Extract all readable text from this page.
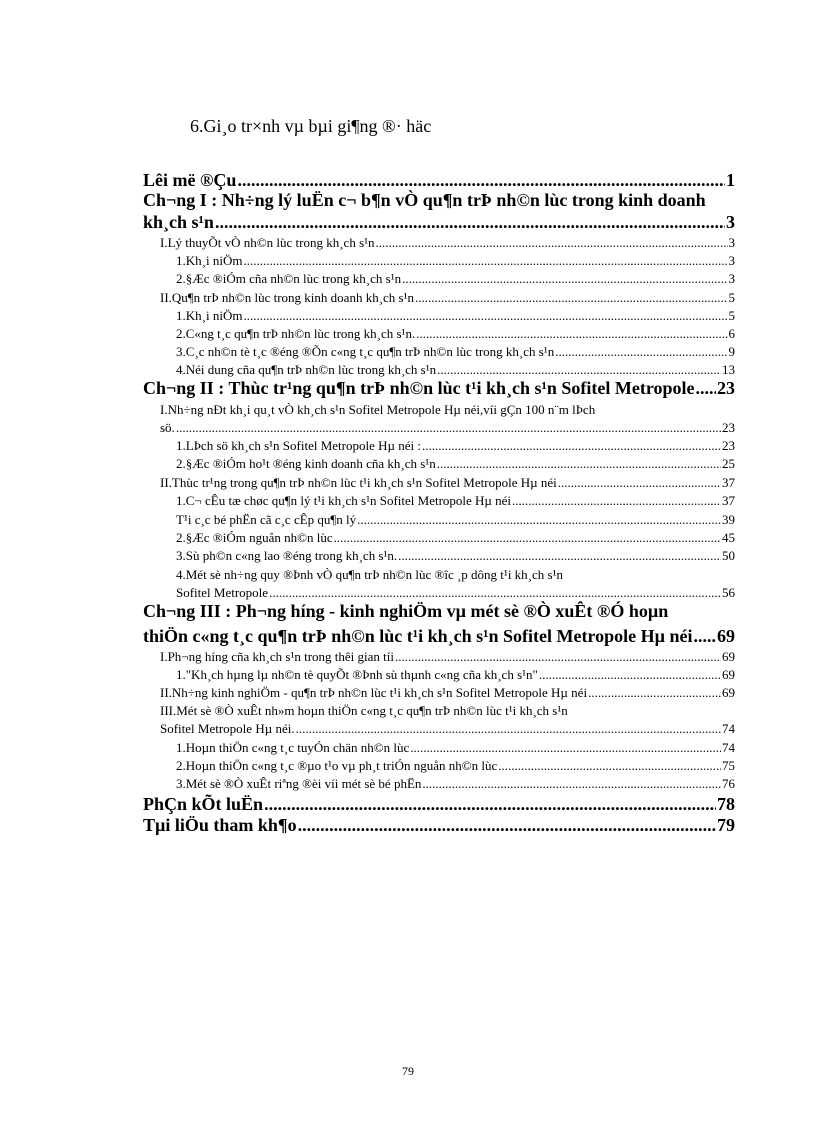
6.Gi¸o tr×nh vµ bµi gi¶ng ®· häc
Lêi më ®Çu .....	1
Ch¬ng I : Nh÷ng lý luËn c¬ b¶n vÒ qu¶n trÞ nh©n lùc trong kinh doanh
kh¸ch s¹n .....	3
I.Lý thuyÕt vÒ nh©n lùc trong kh¸ch s¹n .....	3
1.Kh¸i niÖm .....	3
2.§Æc ®iÓm cña nh©n lùc trong kh¸ch s¹n .....	3
II.Qu¶n trÞ nh©n lùc trong kinh doanh kh¸ch s¹n .....	5
1.Kh¸i niÖm .....	5
2.C«ng t¸c qu¶n trÞ nh©n lùc trong kh¸ch s¹n. .....	6
3.C¸c nh©n tè t¸c ®éng ®Õn c«ng t¸c qu¶n trÞ nh©n lùc trong kh¸ch s¹n .....	9
4.Néi dung cña qu¶n trÞ nh©n lùc trong kh¸ch s¹n .....	13
Ch¬ng II : Thùc tr¹ng qu¶n trÞ nh©n lùc t¹i kh¸ch s¹n Sofitel Metropole ..... 23
I.Nh÷ng nÐt kh¸i qu¸t vÒ kh¸ch s¹n Sofitel Metropole Hµ néi,víi gÇn 100 n¨m lÞch
sö. .....	23
1.LÞch sö kh¸ch s¹n Sofitel Metropole Hµ néi : .....	23
2.§Æc ®iÓm ho¹t ®éng kinh doanh cña kh¸ch s¹n .....	25
II.Thùc tr¹ng trong qu¶n trÞ nh©n lùc t¹i kh¸ch s¹n Sofitel Metropole Hµ néi .....	37
1.C¬ cÊu tæ chøc qu¶n lý t¹i kh¸ch s¹n Sofitel Metropole Hµ néi .....	37
T¹i c¸c bé phËn cã c¸c cÊp qu¶n lý .....	39
2.§Æc ®iÓm nguån nh©n lùc .....	45
3.Sù ph©n c«ng lao ®éng trong kh¸ch s¹n. .....	50
4.Mét sè nh÷ng quy ®Þnh vÒ qu¶n trÞ nh©n lùc ®îc ¸p dông t¹i kh¸ch s¹n
Sofitel Metropole .....	56
Ch¬ng III : Ph¬ng híng - kinh nghiÖm vµ mét sè ®Ò xuÊt ®Ó hoµn
thiÖn c«ng t¸c qu¶n trÞ nh©n lùc t¹i kh¸ch s¹n Sofitel Metropole Hµ néi ..... 69
I.Ph¬ng híng cña kh¸ch s¹n trong thêi gian tíi .....	69
1."Kh¸ch hµng lµ nh©n tè quyÕt ®Þnh sù thµnh c«ng cña kh¸ch s¹n" .....	69
II.Nh÷ng kinh nghiÖm - qu¶n trÞ nh©n lùc t¹i kh¸ch s¹n Sofitel Metropole Hµ néi .....	69
III.Mét sè ®Ò xuÊt nh»m hoµn thiÖn c«ng t¸c qu¶n trÞ nh©n lùc t¹i kh¸ch s¹n
Sofitel Metropole Hµ néi. .....	74
1.Hoµn thiÖn c«ng t¸c tuyÓn chän nh©n lùc .....	74
2.Hoµn thiÖn c«ng t¸c ®µo t¹o vµ ph¸t triÓn nguån nh©n lùc .....	75
3.Mét sè ®Ò xuÊt riªng ®èi víi mét sè bé phËn .....	76
PhÇn kÕt luËn .....	78
Tµi liÖu tham kh¶o .....	79
79
